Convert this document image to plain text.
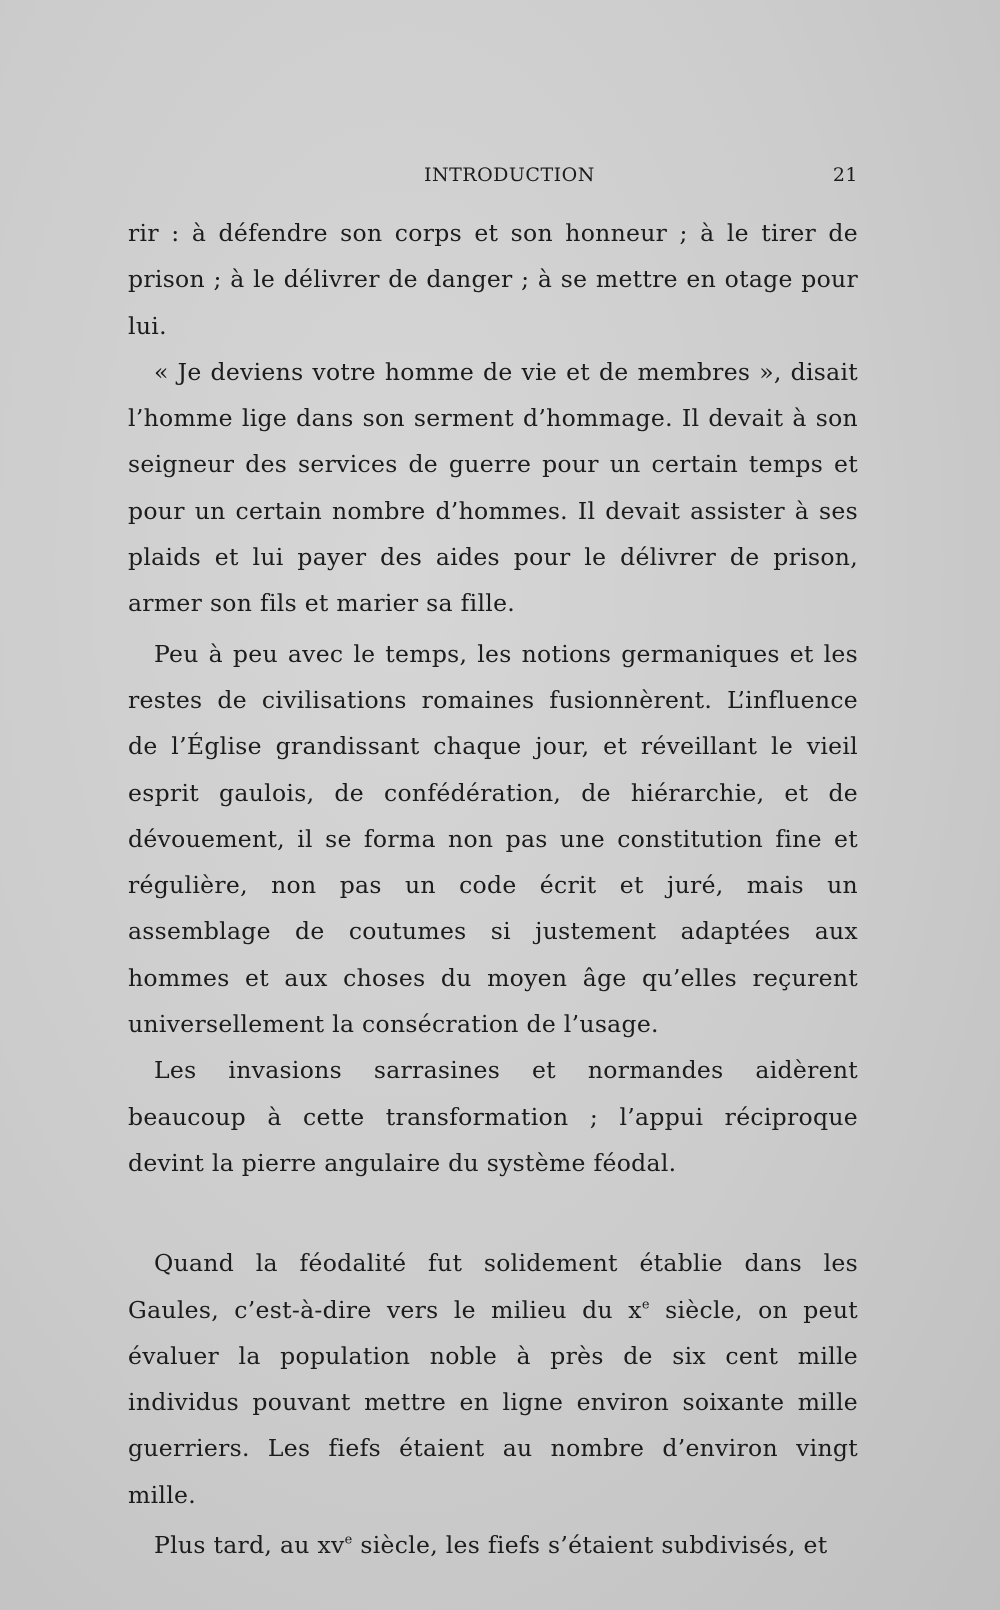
INTRODUCTION	21

rir : à défendre son corps et son honneur ; à le tirer de prison ; à le délivrer de danger ; à se mettre en otage pour lui.

« Je deviens votre homme de vie et de membres », disait l’homme lige dans son serment d’hommage. Il devait à son seigneur des services de guerre pour un certain temps et pour un certain nombre d’hommes. Il devait assister à ses plaids et lui payer des aides pour le délivrer de prison, armer son fils et marier sa fille.

Peu à peu avec le temps, les notions germaniques et les restes de civilisations romaines fusionnèrent. L’influence de l’Église grandissant chaque jour, et réveillant le vieil esprit gaulois, de confédération, de hiérarchie, et de dévouement, il se forma non pas une constitution fine et régulière, non pas un code écrit et juré, mais un assemblage de coutumes si justement adaptées aux hommes et aux choses du moyen âge qu’elles reçurent universellement la consécration de l’usage.

Les invasions sarrasines et normandes aidèrent beaucoup à cette transformation ; l’appui réciproque devint la pierre angulaire du système féodal.

Quand la féodalité fut solidement établie dans les Gaules, c’est-à-dire vers le milieu du $x^e$ siècle, on peut évaluer la population noble à près de six cent mille individus pouvant mettre en ligne environ soixante mille guerriers. Les fiefs étaient au nombre d’environ vingt mille.

Plus tard, au $xv^e$ siècle, les fiefs s’étaient subdivisés, et
